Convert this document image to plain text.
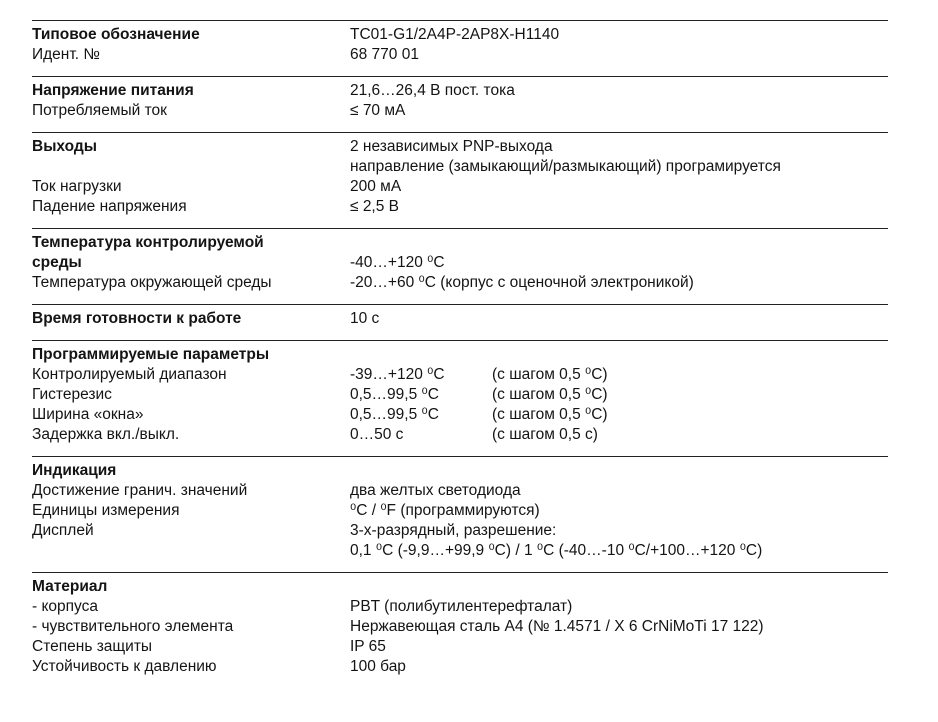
Типовое обозначение	TC01-G1/2A4P-2AP8X-H1140
Идент. №	68 770 01
Напряжение питания	21,6…26,4 В пост. тока
Потребляемый ток	≤ 70 мА
Выходы	2 независимых PNP-выхода
направление (замыкающий/размыкающий) програмируется
Ток нагрузки	200 мА
Падение напряжения	≤ 2,5 В
Температура контролируемой
среды	-40…+120 ⁰С
Температура окружающей среды	-20…+60 ⁰С (корпус с оценочной электроникой)
Время готовности к работе	10 с
Программируемые параметры
Контролируемый диапазон	-39…+120 ⁰С	(с шагом 0,5 ⁰С)
Гистерезис	0,5…99,5 ⁰С	(с шагом 0,5 ⁰С)
Ширина «окна»	0,5…99,5 ⁰С	(с шагом 0,5 ⁰С)
Задержка вкл./выкл.	0…50 с	(с шагом 0,5 с)
Индикация
Достижение гранич. значений	два желтых светодиода
Единицы измерения	⁰С / ⁰F (программируются)
Дисплей	3-х-разрядный, разрешение:
0,1 ⁰С (-9,9…+99,9 ⁰С) / 1 ⁰С (-40…-10 ⁰С/+100…+120 ⁰С)
Материал
- корпуса	PBT (полибутилентерефталат)
- чувствительного элемента	Нержавеющая сталь А4 (№ 1.4571 / X 6 CrNiMoTi 17 122)
Степень защиты	IP 65
Устойчивость к давлению	100 бар
